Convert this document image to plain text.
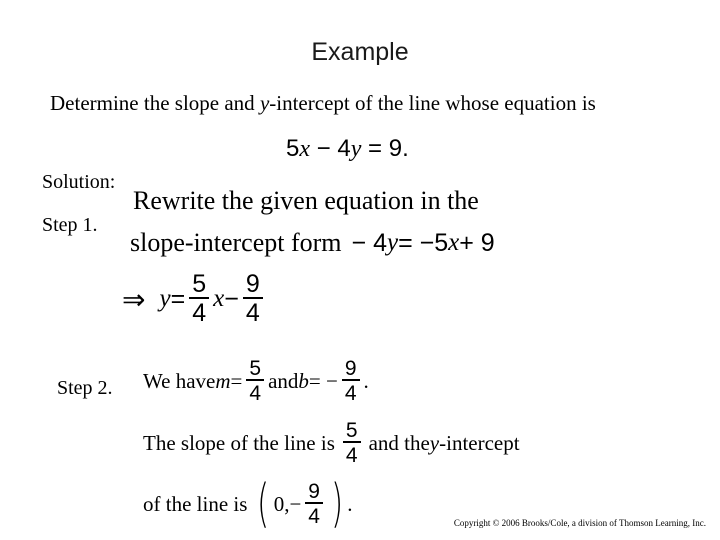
Example
Determine the slope and y-intercept of the line whose equation is
5x − 4y = 9.
Solution:
Step 1.
Rewrite the given equation in the
slope-intercept form − 4 y = −5 x + 9
⇒ $y = \frac{5}{4}$ $x - \frac{9}{4}$
Step 2. We have $m = \frac{5}{4}$ and b = − $\frac{9}{4}$ .
The slope of the line is $\frac{5}{4}$ and the y -intercept
of the line is ( 0, − $\frac{9}{4}$ ) .
Copyright © 2006 Brooks/Cole, a division of Thomson Learning, Inc.
